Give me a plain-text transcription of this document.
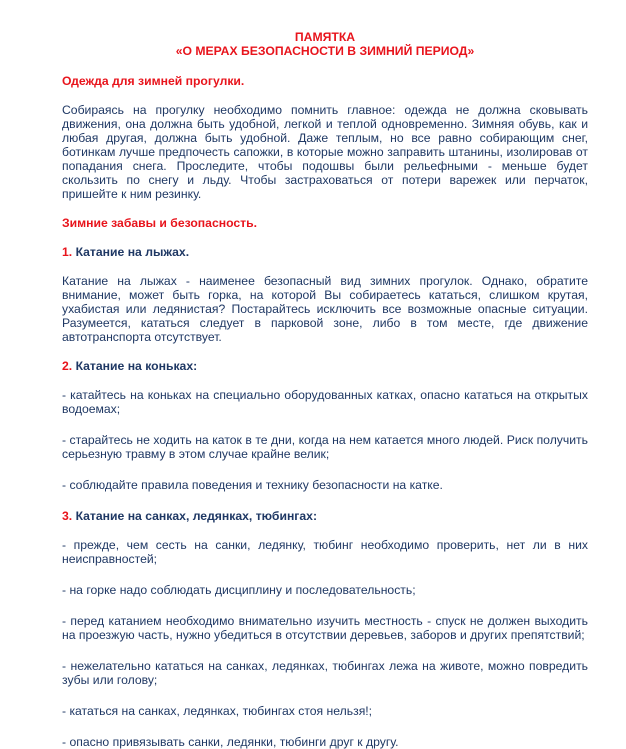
ПАМЯТКА
«О МЕРАХ БЕЗОПАСНОСТИ В ЗИМНИЙ ПЕРИОД»
Одежда для зимней прогулки.
Собираясь на прогулку необходимо помнить главное: одежда не должна сковывать движения, она должна быть удобной, легкой и теплой одновременно. Зимняя обувь, как и любая другая, должна быть удобной. Даже теплым, но все равно собирающим снег, ботинкам лучше предпочесть сапожки, в которые можно заправить штанины, изолировав от попадания снега. Проследите, чтобы подошвы были рельефными - меньше будет скользить по снегу и льду. Чтобы застраховаться от потери варежек или перчаток, пришейте к ним резинку.
Зимние забавы и безопасность.
1. Катание на лыжах.
Катание на лыжах - наименее безопасный вид зимних прогулок. Однако, обратите внимание, может быть горка, на которой Вы собираетесь кататься, слишком крутая, ухабистая или ледянистая? Постарайтесь исключить все возможные опасные ситуации. Разумеется, кататься следует в парковой зоне, либо в том месте, где движение автотранспорта отсутствует.
2. Катание на коньках:
- катайтесь на коньках на специально оборудованных катках, опасно кататься на открытых водоемах;
- старайтесь не ходить на каток в те дни, когда на нем катается много людей. Риск получить серьезную травму в этом случае крайне велик;
- соблюдайте правила поведения и технику безопасности на катке.
3. Катание на санках, ледянках, тюбингах:
- прежде, чем сесть на санки, ледянку, тюбинг необходимо проверить, нет ли в них неисправностей;
- на горке надо соблюдать дисциплину и последовательность;
- перед катанием необходимо внимательно изучить местность - спуск не должен выходить на проезжую часть, нужно убедиться в отсутствии деревьев, заборов и других препятствий;
- нежелательно кататься на санках, ледянках, тюбингах лежа на животе, можно повредить зубы или голову;
- кататься на санках, ледянках, тюбингах стоя нельзя!;
- опасно привязывать санки, ледянки, тюбинги друг к другу.
